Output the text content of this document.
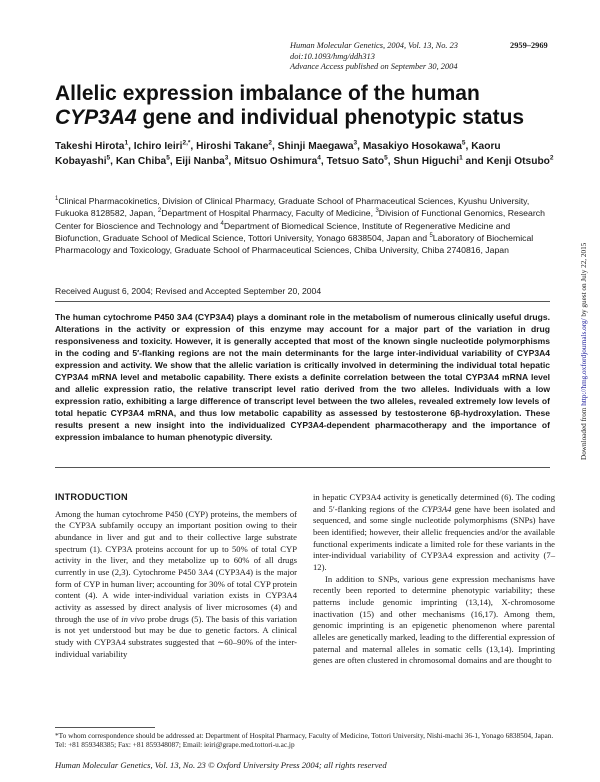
Human Molecular Genetics, 2004, Vol. 13, No. 23
doi:10.1093/hmg/ddh313
Advance Access published on September 30, 2004
2959–2969
Allelic expression imbalance of the human
CYP3A4 gene and individual phenotypic status
Takeshi Hirota$^1$, Ichiro Ieiri$^{2,*}$, Hiroshi Takane$^2$, Shinji Maegawa$^3$, Masakiyo Hosokawa$^5$, Kaoru Kobayashi$^5$, Kan Chiba$^5$, Eiji Nanba$^3$, Mitsuo Oshimura$^4$, Tetsuo Sato$^5$, Shun Higuchi$^1$ and Kenji Otsubo$^2$
$^1$Clinical Pharmacokinetics, Division of Clinical Pharmacy, Graduate School of Pharmaceutical Sciences, Kyushu University, Fukuoka 8128582, Japan, $^2$Department of Hospital Pharmacy, Faculty of Medicine, $^3$Division of Functional Genomics, Research Center for Bioscience and Technology and $^4$Department of Biomedical Science, Institute of Regenerative Medicine and Biofunction, Graduate School of Medical Science, Tottori University, Yonago 6838504, Japan and $^5$Laboratory of Biochemical Pharmacology and Toxicology, Graduate School of Pharmaceutical Sciences, Chiba University, Chiba 2740816, Japan
Received August 6, 2004; Revised and Accepted September 20, 2004
The human cytochrome P450 3A4 (CYP3A4) plays a dominant role in the metabolism of numerous clinically useful drugs. Alterations in the activity or expression of this enzyme may account for a major part of the variation in drug responsiveness and toxicity. However, it is generally accepted that most of the known single nucleotide polymorphisms in the coding and 5′-flanking regions are not the main determinants for the large inter-individual variability of CYP3A4 expression and activity. We show that the allelic variation is critically involved in determining the individual total hepatic CYP3A4 mRNA level and metabolic capability. There exists a definite correlation between the total CYP3A4 mRNA level and allelic expression ratio, the relative transcript level ratio derived from the two alleles. Individuals with a low expression ratio, exhibiting a large difference of transcript level between the two alleles, revealed extremely low levels of total hepatic CYP3A4 mRNA, and thus low metabolic capability as assessed by testosterone 6β-hydroxylation. These results present a new insight into the individualized CYP3A4-dependent pharmacotherapy and the importance of expression imbalance to human phenotypic diversity.
INTRODUCTION

Among the human cytochrome P450 (CYP) proteins, the members of the CYP3A subfamily occupy an important position owing to their abundance in liver and gut and to their collective large substrate spectrum (1). CYP3A proteins account for up to 50% of total CYP activity in the liver, and they metabolize up to 60% of all drugs currently in use (2,3). Cytochrome P450 3A4 (CYP3A4) is the major form of CYP in human liver; accounting for 30% of total CYP protein content (4). A wide inter-individual variation exists in CYP3A4 activity as assessed by direct analysis of liver microsomes (4) and through the use of in vivo probe drugs (5). The basis of this variation is not yet understood but may be due to genetic factors. A clinical study with CYP3A4 substrates suggested that ∼60–90% of the inter-individual variability

in hepatic CYP3A4 activity is genetically determined (6). The coding and 5′-flanking regions of the CYP3A4 gene have been isolated and sequenced, and some single nucleotide polymorphisms (SNPs) have been identified; however, their allelic frequencies and/or the available functional experiments indicate a limited role for these variants in the inter-individual variability of CYP3A4 expression and activity (7–12).

In addition to SNPs, various gene expression mechanisms have recently been reported to determine phenotypic variability; these patterns include genomic imprinting (13,14), X-chromosome inactivation (15) and other mechanisms (16,17). Among them, genomic imprinting is an epigenetic phenomenon where parental alleles are genetically marked, leading to the differential expression of paternal and maternal alleles in somatic cells (13,14). Imprinting genes are often clustered in chromosomal domains and are thought to

*To whom correspondence should be addressed at: Department of Hospital Pharmacy, Faculty of Medicine, Tottori University, Nishi-machi 36-1, Yonago 6838504, Japan. Tel: +81 859348385; Fax: +81 859348087; Email: ieiri@grape.med.tottori-u.ac.jp
Human Molecular Genetics, Vol. 13, No. 23 © Oxford University Press 2004; all rights reserved
Downloaded from http://hmg.oxfordjournals.org/ by guest on July 22, 2015
